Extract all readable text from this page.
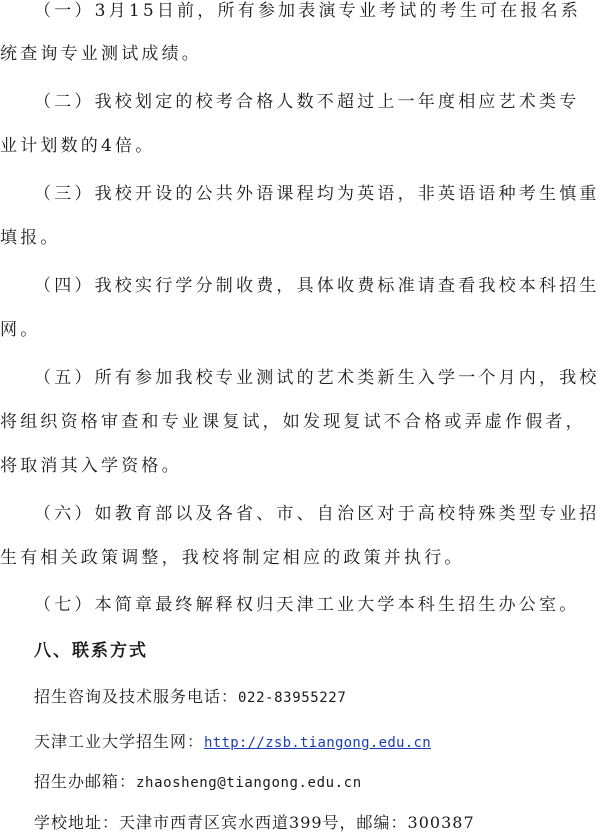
（一）3月15日前，所有参加表演专业考试的考生可在报名系
统查询专业测试成绩。
（二）我校划定的校考合格人数不超过上一年度相应艺术类专
业计划数的4倍。
（三）我校开设的公共外语课程均为英语，非英语语种考生慎重
填报。
（四）我校实行学分制收费，具体收费标准请查看我校本科招生
网。
（五）所有参加我校专业测试的艺术类新生入学一个月内，我校
将组织资格审查和专业课复试，如发现复试不合格或弄虚作假者，
将取消其入学资格。
（六）如教育部以及各省、市、自治区对于高校特殊类型专业招
生有相关政策调整，我校将制定相应的政策并执行。
（七）本简章最终解释权归天津工业大学本科生招生办公室。
八、联系方式
招生咨询及技术服务电话：022-83955227
天津工业大学招生网：http://zsb.tiangong.edu.cn
招生办邮箱：zhaosheng@tiangong.edu.cn
学校地址：天津市西青区宾水西道399号，邮编：300387
